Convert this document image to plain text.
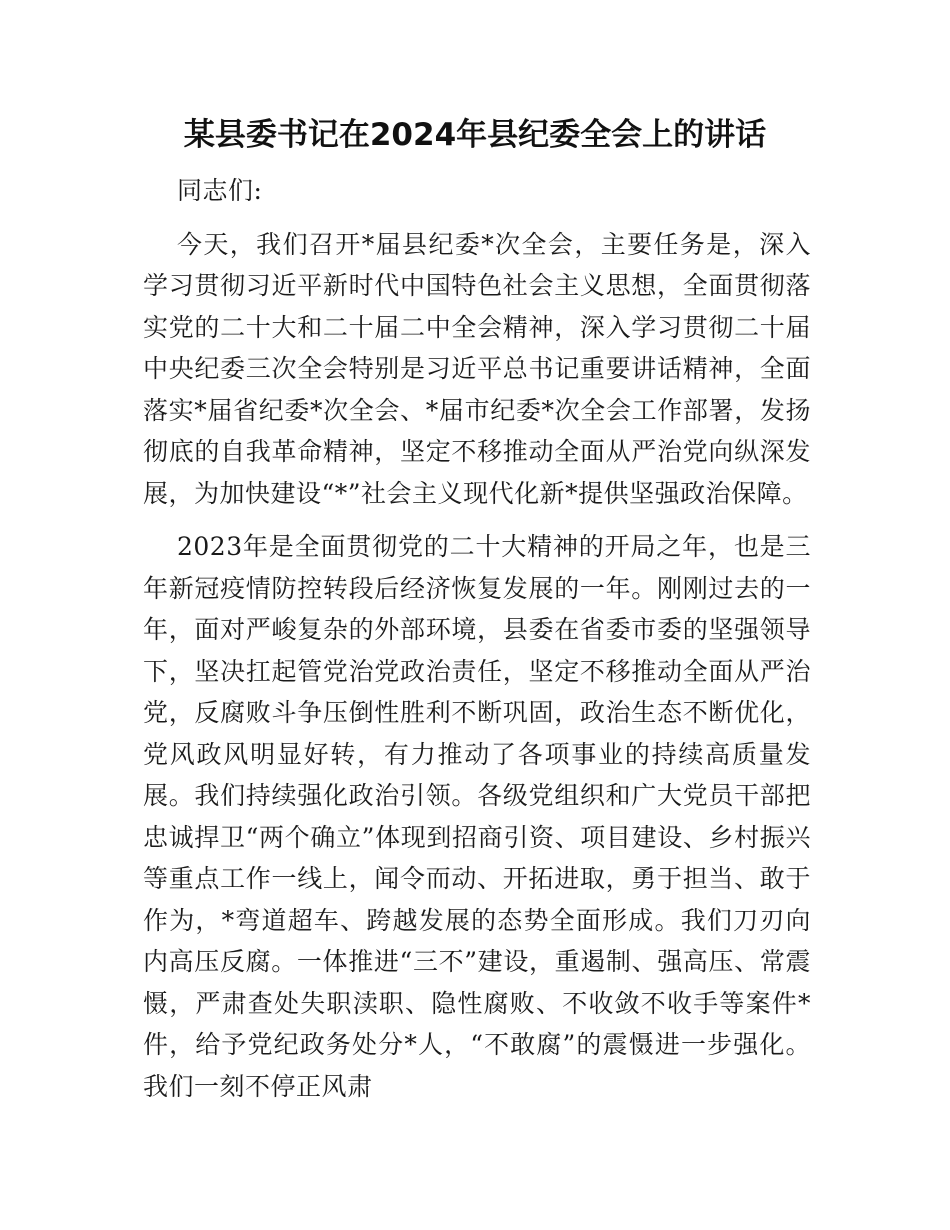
某县委书记在2024年县纪委全会上的讲话

同志们:

今天，我们召开*届县纪委*次全会，主要任务是，深入学习贯彻习近平新时代中国特色社会主义思想，全面贯彻落实党的二十大和二十届二中全会精神，深入学习贯彻二十届中央纪委三次全会特别是习近平总书记重要讲话精神，全面落实*届省纪委*次全会、*届市纪委*次全会工作部署，发扬彻底的自我革命精神，坚定不移推动全面从严治党向纵深发展，为加快建设“*”社会主义现代化新*提供坚强政治保障。

2023年是全面贯彻党的二十大精神的开局之年，也是三年新冠疫情防控转段后经济恢复发展的一年。刚刚过去的一年，面对严峻复杂的外部环境，县委在省委市委的坚强领导下，坚决扛起管党治党政治责任，坚定不移推动全面从严治党，反腐败斗争压倒性胜利不断巩固，政治生态不断优化，党风政风明显好转，有力推动了各项事业的持续高质量发展。我们持续强化政治引领。各级党组织和广大党员干部把忠诚捍卫“两个确立”体现到招商引资、项目建设、乡村振兴等重点工作一线上，闻令而动、开拓进取，勇于担当、敢于作为，*弯道超车、跨越发展的态势全面形成。我们刀刃向内高压反腐。一体推进“三不”建设，重遏制、强高压、常震慑，严肃查处失职渎职、隐性腐败、不收敛不收手等案件*件，给予党纪政务处分*人，“不敢腐”的震慑进一步强化。我们一刻不停正风肃
